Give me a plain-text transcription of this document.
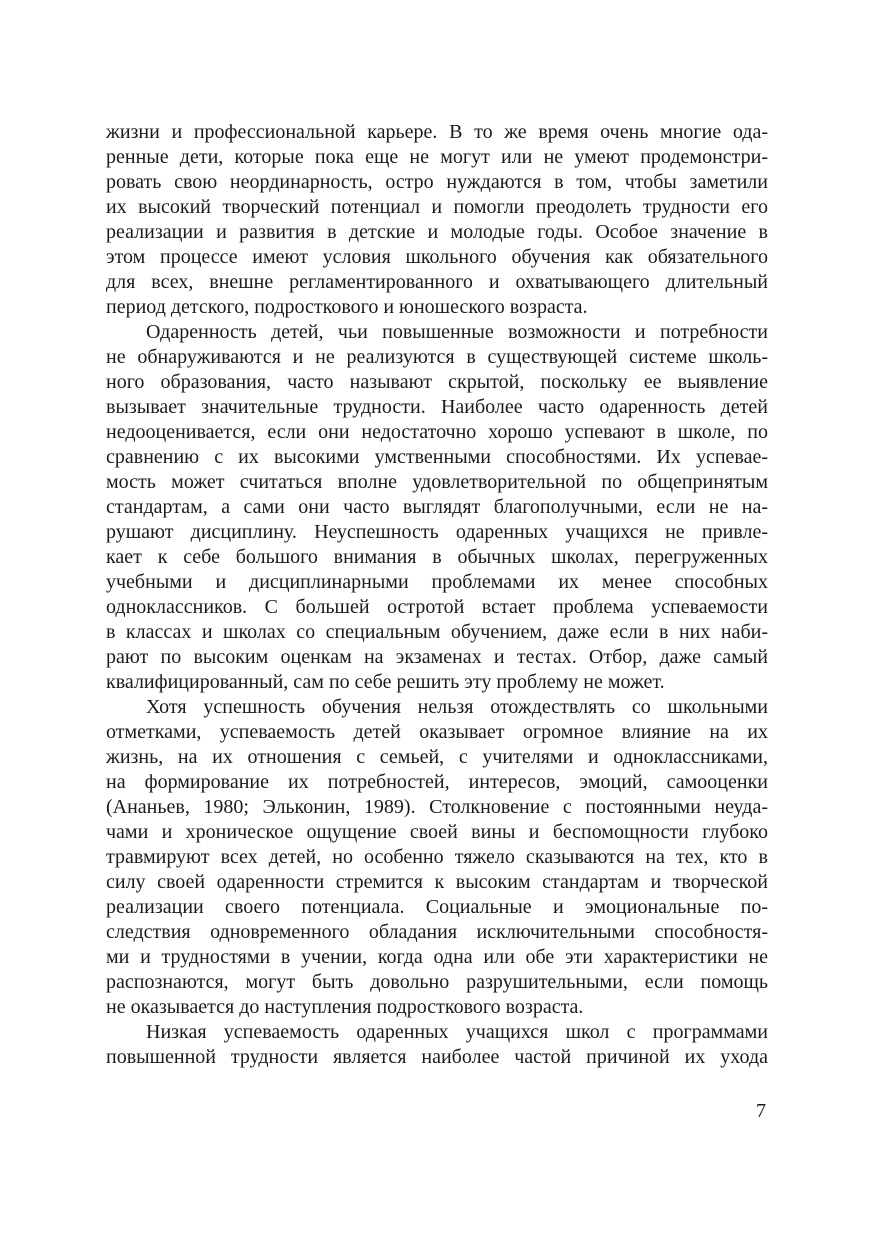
жизни и профессиональной карьере. В то же время очень многие ода-
ренные дети, которые пока еще не могут или не умеют продемонстри-
ровать свою неординарность, остро нуждаются в том, чтобы заметили
их высокий творческий потенциал и помогли преодолеть трудности его
реализации и развития в детские и молодые годы. Особое значение в
этом процессе имеют условия школьного обучения как обязательного
для всех, внешне регламентированного и охватывающего длительный
период детского, подросткового и юношеского возраста.
Одаренность детей, чьи повышенные возможности и потребности
не обнаруживаются и не реализуются в существующей системе школь-
ного образования, часто называют скрытой, поскольку ее выявление
вызывает значительные трудности. Наиболее часто одаренность детей
недооценивается, если они недостаточно хорошо успевают в школе, по
сравнению с их высокими умственными способностями. Их успевае-
мость может считаться вполне удовлетворительной по общепринятым
стандартам, а сами они часто выглядят благополучными, если не на-
рушают дисциплину. Неуспешность одаренных учащихся не привле-
кает к себе большого внимания в обычных школах, перегруженных
учебными и дисциплинарными проблемами их менее способных
одноклассников. С большей остротой встает проблема успеваемости
в классах и школах со специальным обучением, даже если в них наби-
рают по высоким оценкам на экзаменах и тестах. Отбор, даже самый
квалифицированный, сам по себе решить эту проблему не может.
Хотя успешность обучения нельзя отождествлять со школьными
отметками, успеваемость детей оказывает огромное влияние на их
жизнь, на их отношения с семьей, с учителями и одноклассниками,
на формирование их потребностей, интересов, эмоций, самооценки
(Ананьев, 1980; Эльконин, 1989). Столкновение с постоянными неуда-
чами и хроническое ощущение своей вины и беспомощности глубоко
травмируют всех детей, но особенно тяжело сказываются на тех, кто в
силу своей одаренности стремится к высоким стандартам и творческой
реализации своего потенциала. Социальные и эмоциональные по-
следствия одновременного обладания исключительными способностя-
ми и трудностями в учении, когда одна или обе эти характеристики не
распознаются, могут быть довольно разрушительными, если помощь
не оказывается до наступления подросткового возраста.
Низкая успеваемость одаренных учащихся школ с программами
повышенной трудности является наиболее частой причиной их ухода
7
